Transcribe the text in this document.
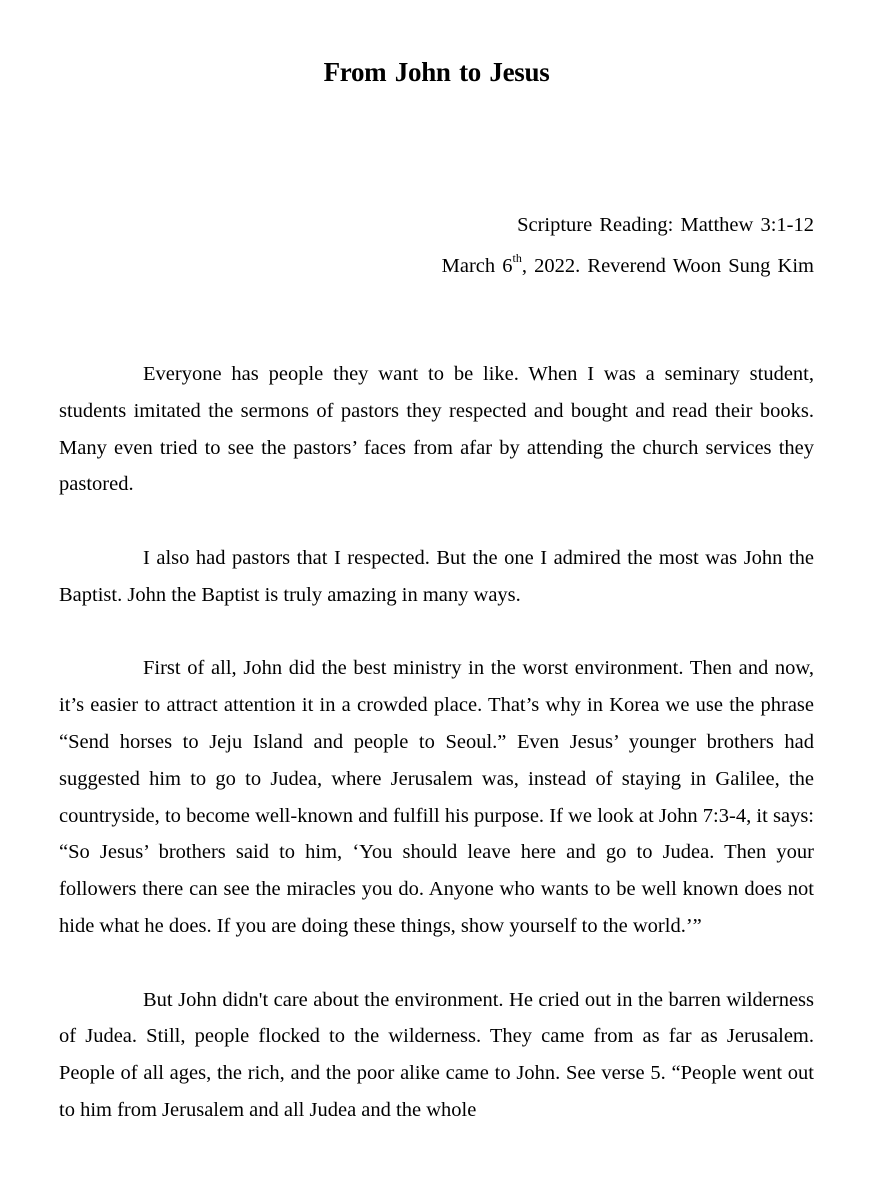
From John to Jesus
Scripture Reading: Matthew 3:1-12
March 6th, 2022. Reverend Woon Sung Kim

Everyone has people they want to be like. When I was a seminary student, students imitated the sermons of pastors they respected and bought and read their books. Many even tried to see the pastors’ faces from afar by attending the church services they pastored.

I also had pastors that I respected. But the one I admired the most was John the Baptist. John the Baptist is truly amazing in many ways.

First of all, John did the best ministry in the worst environment. Then and now, it’s easier to attract attention it in a crowded place. That’s why in Korea we use the phrase “Send horses to Jeju Island and people to Seoul.” Even Jesus’ younger brothers had suggested him to go to Judea, where Jerusalem was, instead of staying in Galilee, the countryside, to become well-known and fulfill his purpose. If we look at John 7:3-4, it says: “So Jesus’ brothers said to him, ‘You should leave here and go to Judea. Then your followers there can see the miracles you do. Anyone who wants to be well known does not hide what he does. If you are doing these things, show yourself to the world.’”

But John didn't care about the environment. He cried out in the barren wilderness of Judea. Still, people flocked to the wilderness. They came from as far as Jerusalem. People of all ages, the rich, and the poor alike came to John. See verse 5. “People went out to him from Jerusalem and all Judea and the whole
